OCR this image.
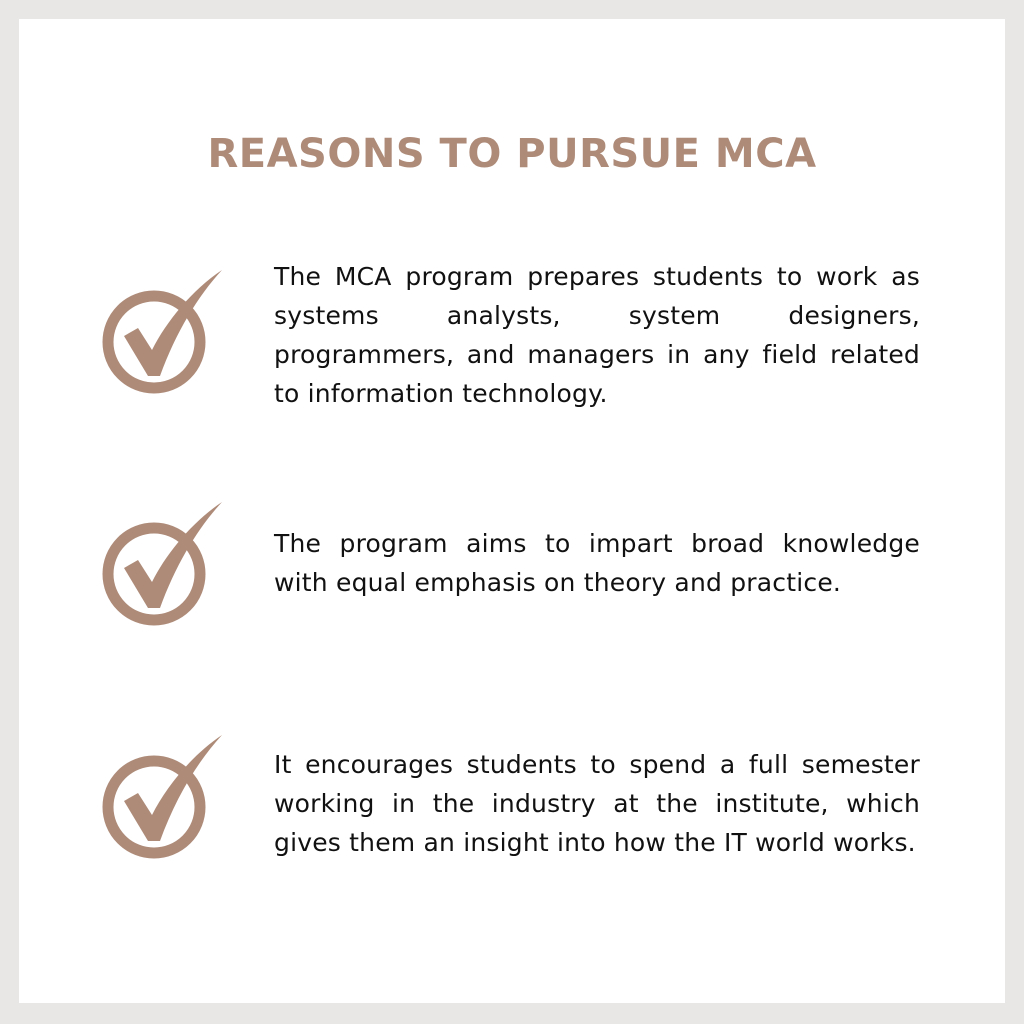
REASONS TO PURSUE MCA

The MCA program prepares students to work as systems analysts, system designers, programmers, and managers in any field related to information technology.

The program aims to impart broad knowledge with equal emphasis on theory and practice.

It encourages students to spend a full semester working in the industry at the institute, which gives them an insight into how the IT world works.
